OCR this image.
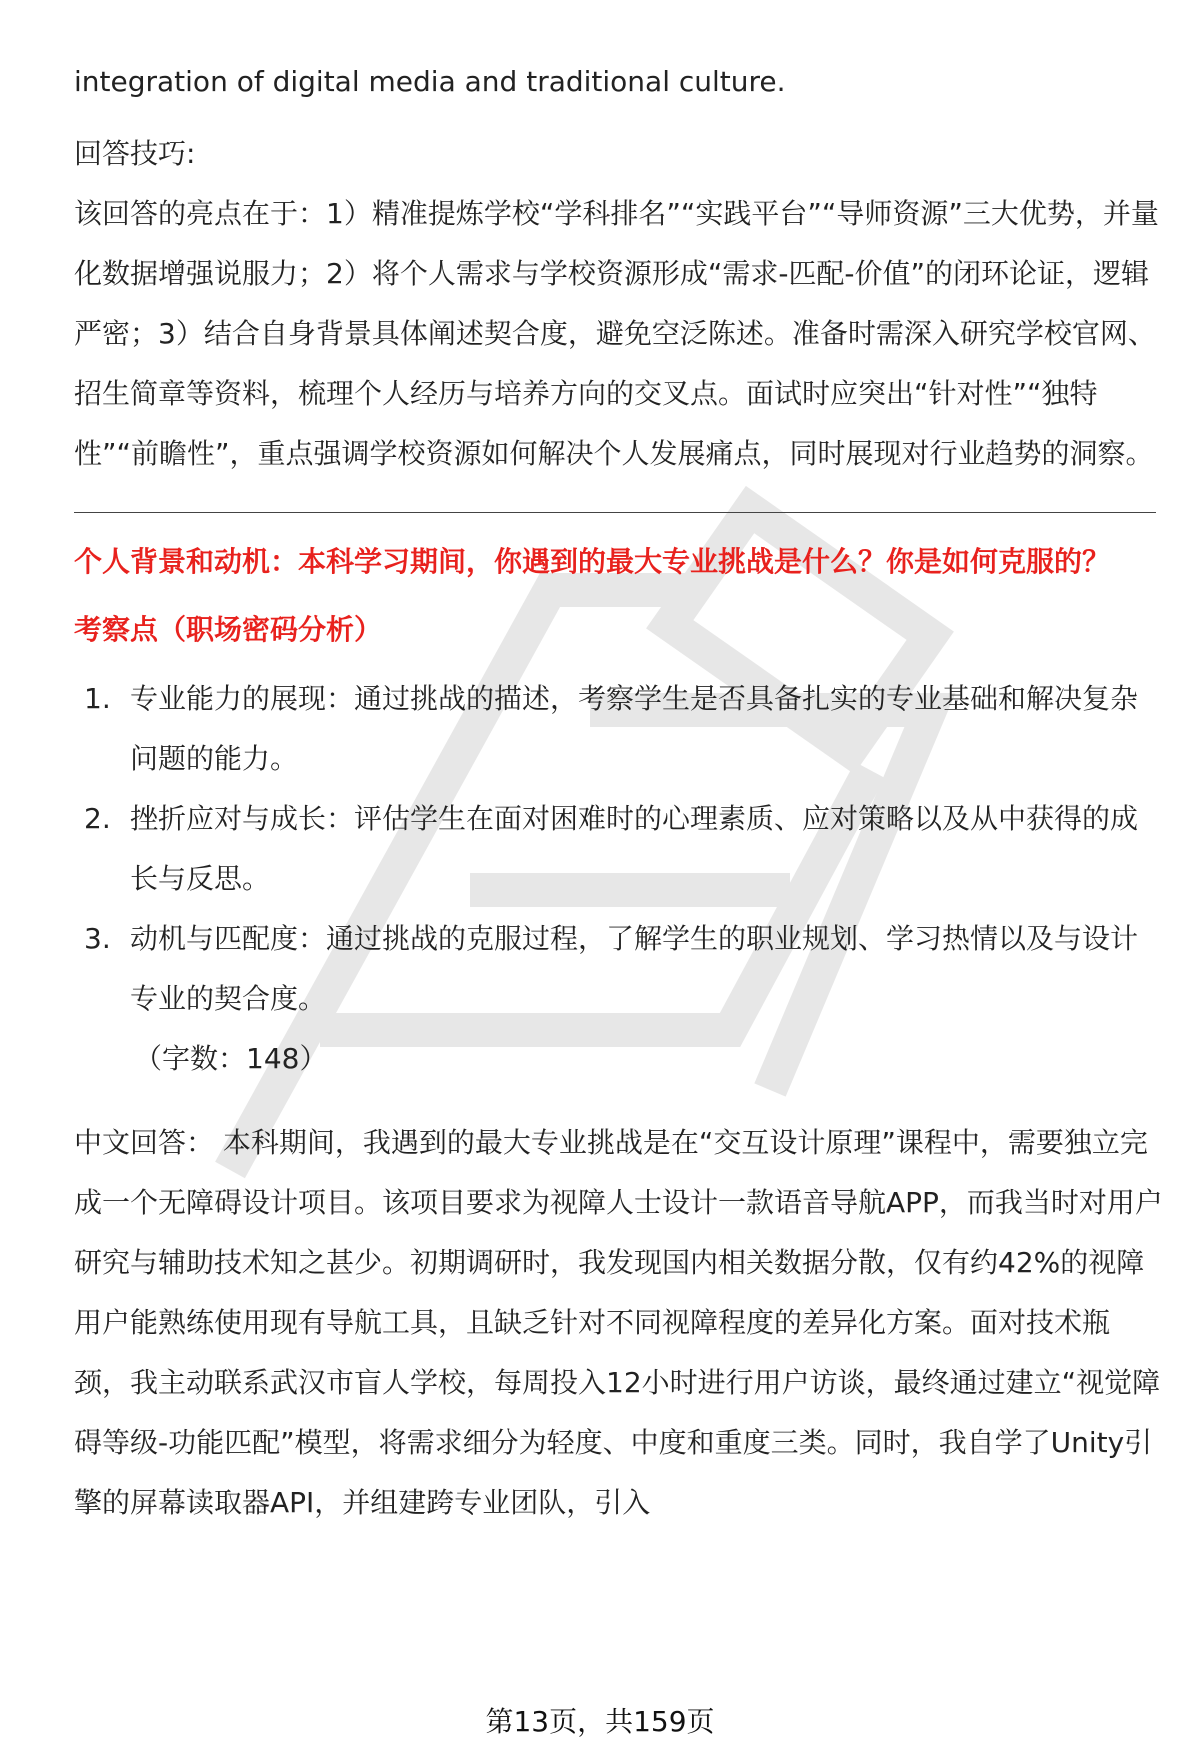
integration of digital media and traditional culture.
回答技巧:
该回答的亮点在于：1）精准提炼学校“学科排名”“实践平台”“导师资源”三大优势，并量化数据增强说服力；2）将个人需求与学校资源形成“需求-匹配-价值”的闭环论证，逻辑严密；3）结合自身背景具体阐述契合度，避免空泛陈述。准备时需深入研究学校官网、招生简章等资料，梳理个人经历与培养方向的交叉点。面试时应突出“针对性”“独特性”“前瞻性”，重点强调学校资源如何解决个人发展痛点，同时展现对行业趋势的洞察。
个人背景和动机：本科学习期间，你遇到的最大专业挑战是什么？你是如何克服的？
考察点（职场密码分析）
1. 专业能力的展现：通过挑战的描述，考察学生是否具备扎实的专业基础和解决复杂问题的能力。
2. 挫折应对与成长：评估学生在面对困难时的心理素质、应对策略以及从中获得的成长与反思。
3. 动机与匹配度：通过挑战的克服过程，了解学生的职业规划、学习热情以及与设计专业的契合度。
（字数：148）
中文回答： 本科期间，我遇到的最大专业挑战是在“交互设计原理”课程中，需要独立完成一个无障碍设计项目。该项目要求为视障人士设计一款语音导航APP，而我当时对用户研究与辅助技术知之甚少。初期调研时，我发现国内相关数据分散，仅有约42%的视障用户能熟练使用现有导航工具，且缺乏针对不同视障程度的差异化方案。面对技术瓶颈，我主动联系武汉市盲人学校，每周投入12小时进行用户访谈，最终通过建立“视觉障碍等级-功能匹配”模型，将需求细分为轻度、中度和重度三类。同时，我自学了Unity引擎的屏幕读取器API，并组建跨专业团队，引入
第13页，共159页
